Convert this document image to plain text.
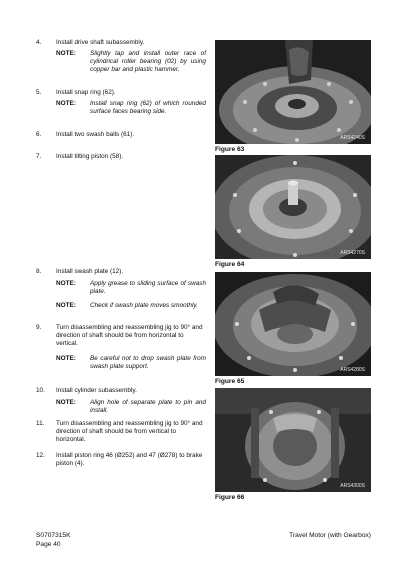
4. Install drive shaft subassembly.
NOTE: Slightly tap and install outer race of cylindrical roller bearing (02) by using copper bar and plastic hammer.
5. Install snap ring (62).
NOTE: Install snap ring (62) of which rounded surface faces bearing side.
6. Install two swash balls (61).
7. Install tilting piston (58).
8. Install swash plate (12).
NOTE: Apply grease to sliding surface of swash plate.
NOTE: Check if swash plate moves smoothly.
9. Turn disassembling and reassembling jig to 90° and direction of shaft should be from horizontal to vertical.
NOTE: Be careful not to drop swash plate from swash plate support.
10. Install cylinder subassembly.
NOTE: Align hole of separate plate to pin and install.
11. Turn disassembling and reassembling jig to 90° and direction of shaft should be from vertical to horizontal.
12. Install piston ring 46 (Ø252) and 47 (Ø278) to brake piston (4).
ARS4240S
Figure 63
ARS4270S
Figure 64
ARS4280S
Figure 65
ARS4300S
Figure 66
S0707315K
Page 40
Travel Motor (with Gearbox)
